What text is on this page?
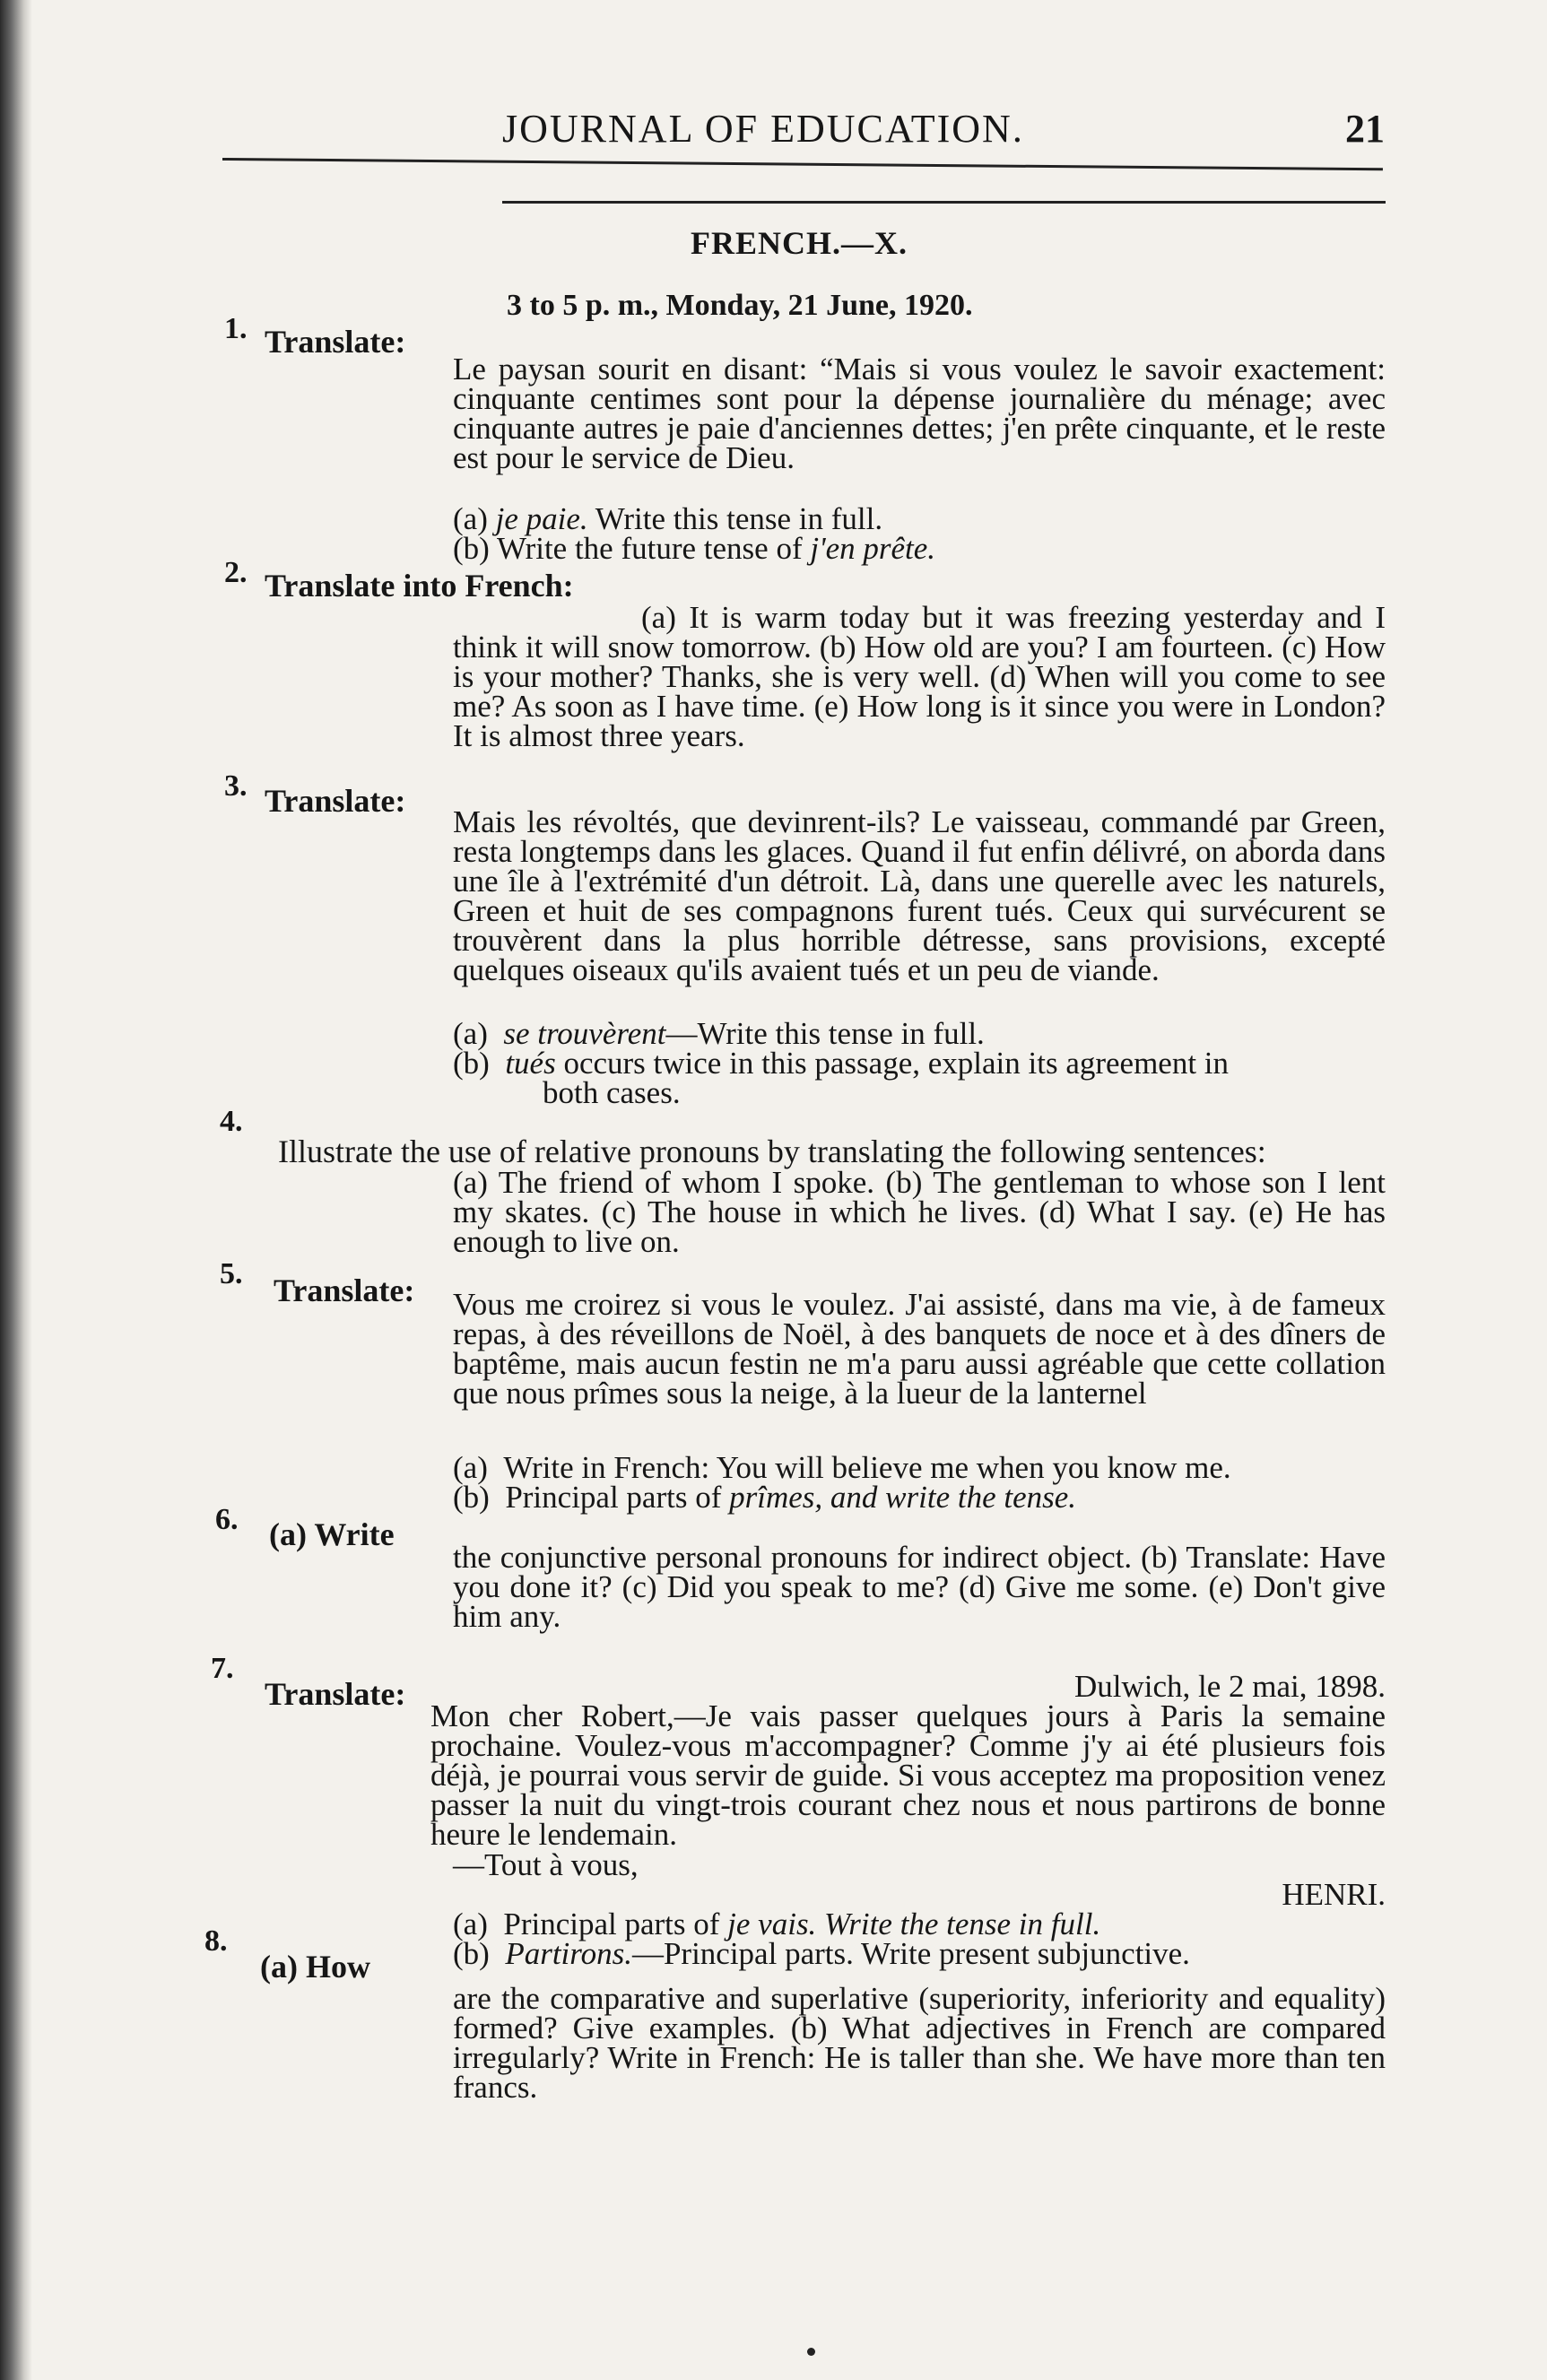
JOURNAL OF EDUCATION.	21
FRENCH.—X.
3 to 5 p. m., Monday, 21 June, 1920.
1. Translate:
Le paysan sourit en disant: “Mais si vous voulez le savoir exactement: cinquante centimes sont pour la dépense journalière du ménage; avec cinquante autres je paie d'anciennes dettes; j'en prête cinquante, et le reste est pour le service de Dieu.
(a) je paie. Write this tense in full.
(b) Write the future tense of j'en prête.
2. Translate into French:
(a) It is warm today but it was freezing yesterday and I think it will snow tomorrow. (b) How old are you? I am fourteen. (c) How is your mother? Thanks, she is very well. (d) When will you come to see me? As soon as I have time. (e) How long is it since you were in London? It is almost three years.
3. Translate:
Mais les révoltés, que devinrent-ils? Le vaisseau, commandé par Green, resta longtemps dans les glaces. Quand il fut enfin délivré, on aborda dans une île à l'extrémité d'un détroit. Là, dans une querelle avec les naturels, Green et huit de ses compagnons furent tués. Ceux qui survécurent se trouvèrent dans la plus horrible détresse, sans provisions, excepté quelques oiseaux qu'ils avaient tués et un peu de viande.
(a) se trouvèrent—Write this tense in full.
(b) tués occurs twice in this passage, explain its agreement in
both cases.
4.
Illustrate the use of relative pronouns by translating the following sentences:
(a) The friend of whom I spoke. (b) The gentleman to whose son I lent my skates. (c) The house in which he lives. (d) What I say. (e) He has enough to live on.
5. Translate: Vous me croirez si vous le voulez. J'ai assisté, dans ma vie, à de fameux repas, à des réveillons de Noël, à des banquets de noce et à des dîners de baptême, mais aucun festin ne m'a paru aussi agréable que cette collation que nous prîmes sous la neige, à la lueur de la lanternel
(a) Write in French: You will believe me when you know me.
(b) Principal parts of prîmes, and write the tense.
6. (a) Write
the conjunctive personal pronouns for indirect object. (b) Translate: Have you done it? (c) Did you speak to me? (d) Give me some. (e) Don't give him any.
7.
Translate:	Dulwich, le 2 mai, 1898.
Mon cher Robert,—Je vais passer quelques jours à Paris la semaine prochaine. Voulez-vous m'accompagner? Comme j'y ai été plusieurs fois déjà, je pourrai vous servir de guide. Si vous acceptez ma proposition venez passer la nuit du vingt-trois courant chez nous et nous partirons de bonne heure le lendemain.
—Tout à vous,
HENRI.
(a) Principal parts of je vais. Write the tense in full.
(b) Partirons.—Principal parts. Write present subjunctive.
8.
(a) How
are the comparative and superlative (superiority, inferiority and equality) formed? Give examples. (b) What adjectives in French are compared irregularly? Write in French: He is taller than she. We have more than ten francs.
